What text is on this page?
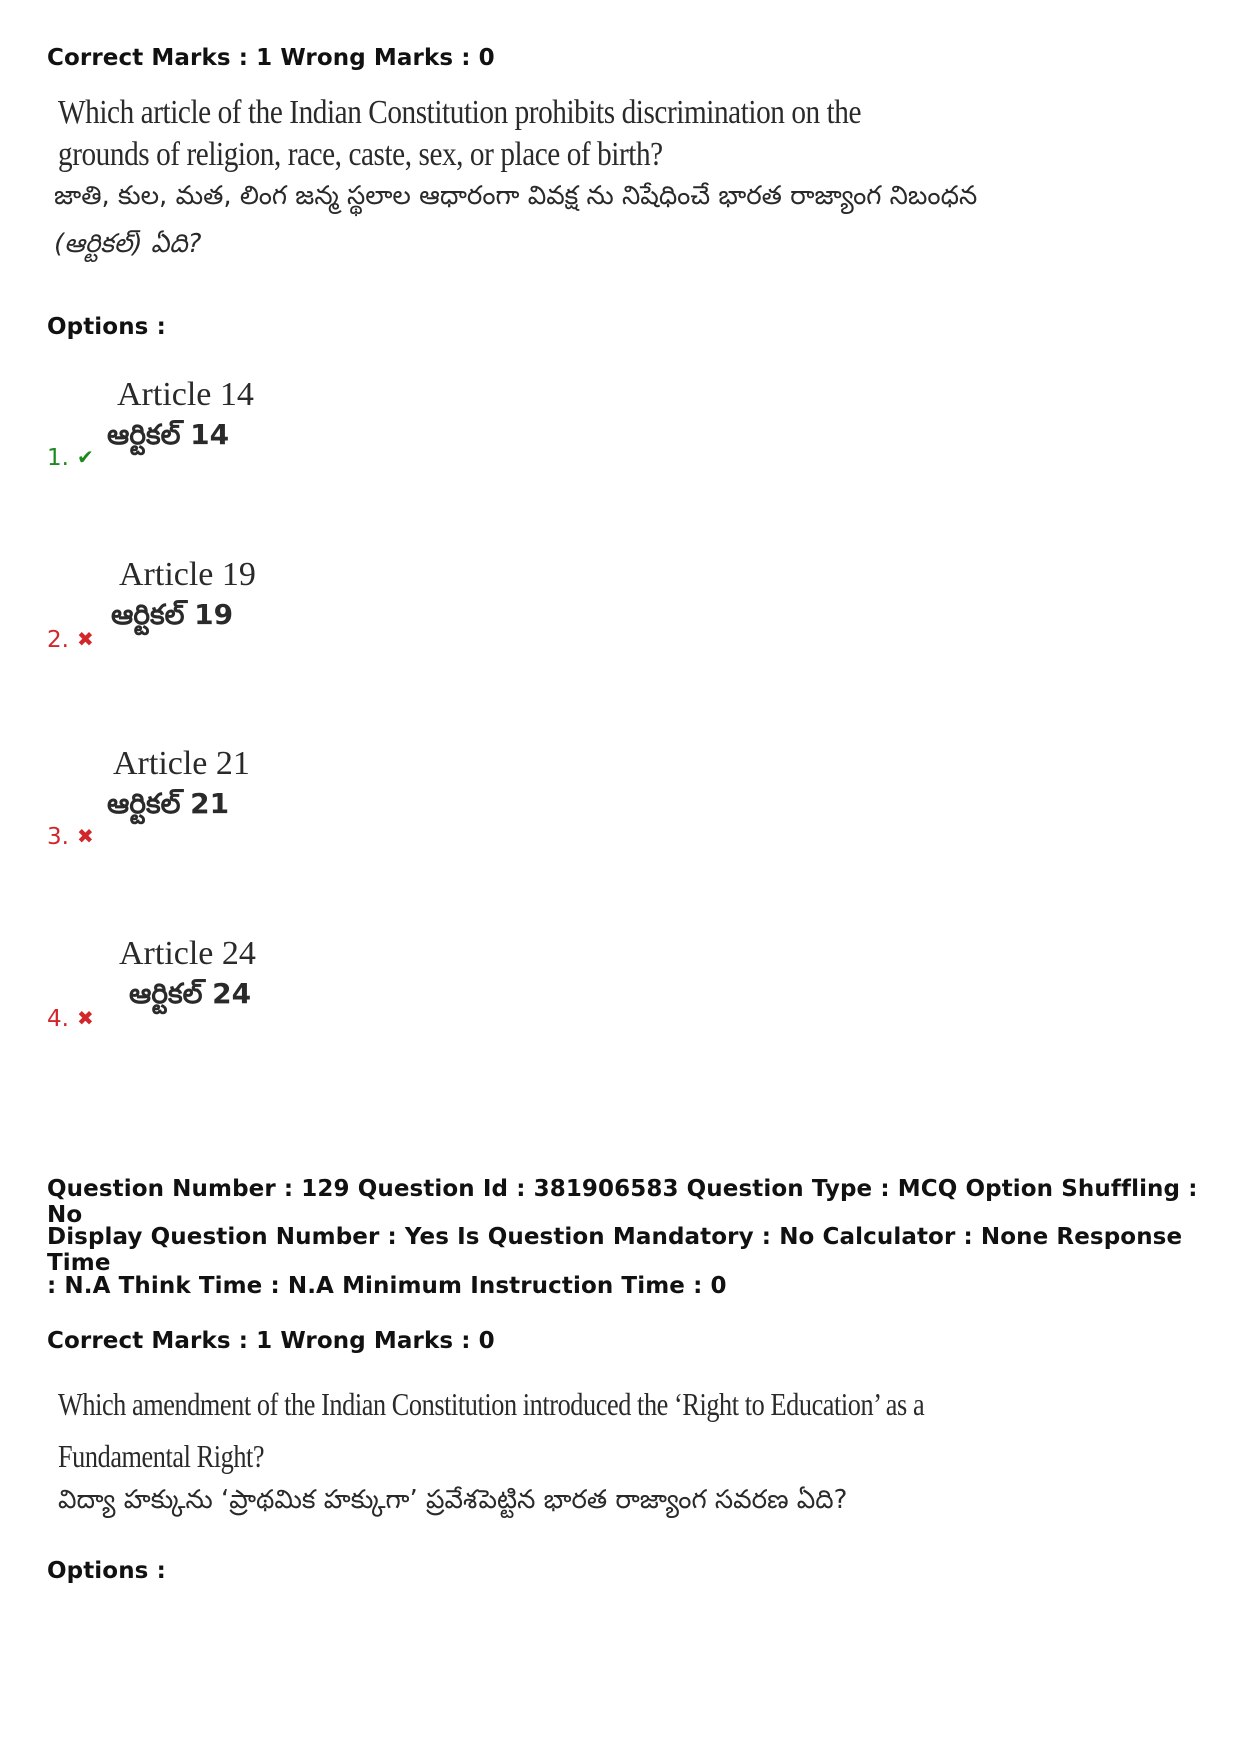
Correct Marks : 1 Wrong Marks : 0
Which article of the Indian Constitution prohibits discrimination on the
grounds of religion, race, caste, sex, or place of birth?
జాతి, కుల, మత, లింగ జన్మ స్థలాల ఆధారంగా వివక్ష ను నిషేధించే భారత రాజ్యాంగ నిబంధన
(ఆర్టికల్) ఏది?
Options :
1. ✔
Article 14
ఆర్టికల్ 14
2. ✖
Article 19
ఆర్టికల్ 19
3. ✖
Article 21
ఆర్టికల్ 21
4. ✖
Article 24
ఆర్టికల్ 24
Question Number : 129 Question Id : 381906583 Question Type : MCQ Option Shuffling : No
Display Question Number : Yes Is Question Mandatory : No Calculator : None Response Time
: N.A Think Time : N.A Minimum Instruction Time : 0
Correct Marks : 1 Wrong Marks : 0
Which amendment of the Indian Constitution introduced the ‘Right to Education’ as a
Fundamental Right?
విద్యా హక్కును ‘ప్రాథమిక హక్కుగా’ ప్రవేశపెట్టిన భారత రాజ్యాంగ సవరణ ఏది?
Options :
